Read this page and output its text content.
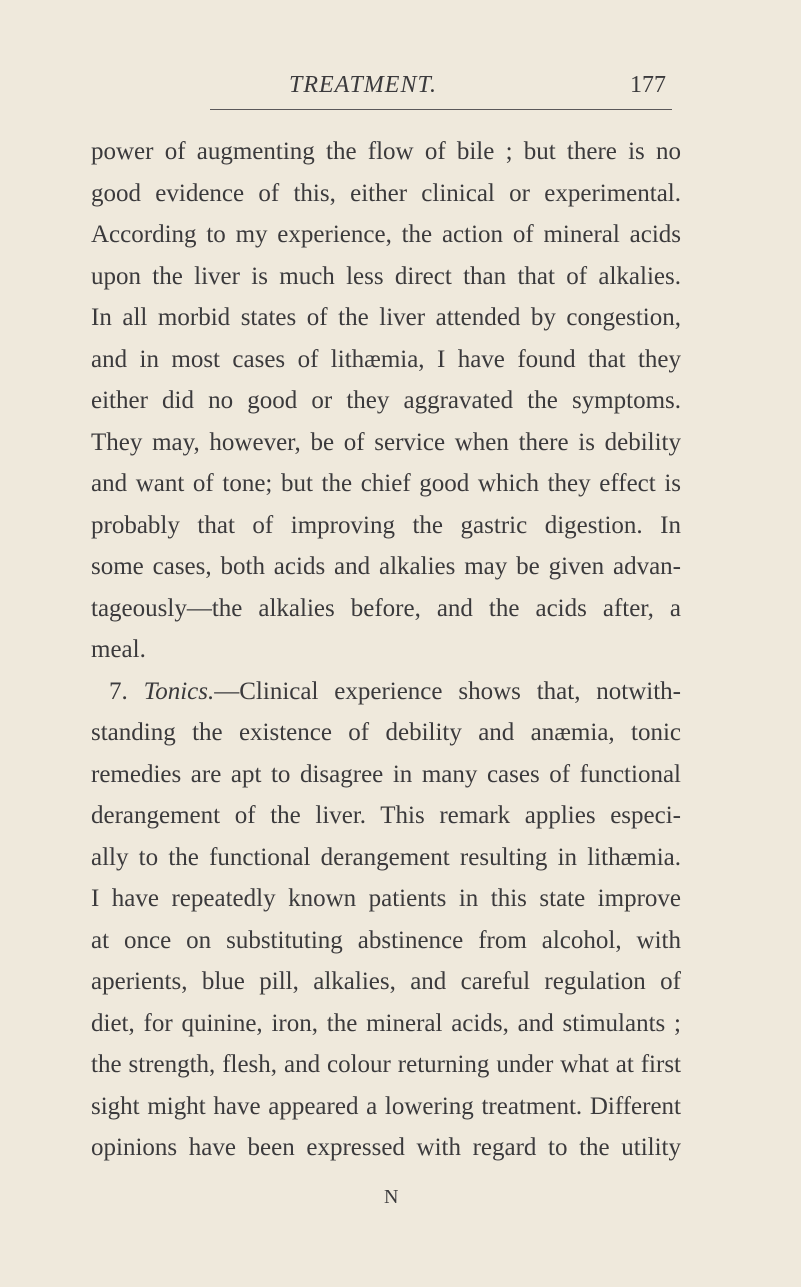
TREATMENT.	177
power of augmenting the flow of bile ; but there is no
good evidence of this, either clinical or experimental.
According to my experience, the action of mineral acids
upon the liver is much less direct than that of alkalies.
In all morbid states of the liver attended by congestion,
and in most cases of lithæmia, I have found that they
either did no good or they aggravated the symptoms.
They may, however, be of service when there is debility
and want of tone; but the chief good which they effect is
probably that of improving the gastric digestion. In
some cases, both acids and alkalies may be given advan-
tageously—the alkalies before, and the acids after, a
meal.
7. Tonics.—Clinical experience shows that, notwith-
standing the existence of debility and anæmia, tonic
remedies are apt to disagree in many cases of functional
derangement of the liver. This remark applies especi-
ally to the functional derangement resulting in lithæmia.
I have repeatedly known patients in this state improve
at once on substituting abstinence from alcohol, with
aperients, blue pill, alkalies, and careful regulation of
diet, for quinine, iron, the mineral acids, and stimulants ;
the strength, flesh, and colour returning under what at first
sight might have appeared a lowering treatment. Different
opinions have been expressed with regard to the utility
N
